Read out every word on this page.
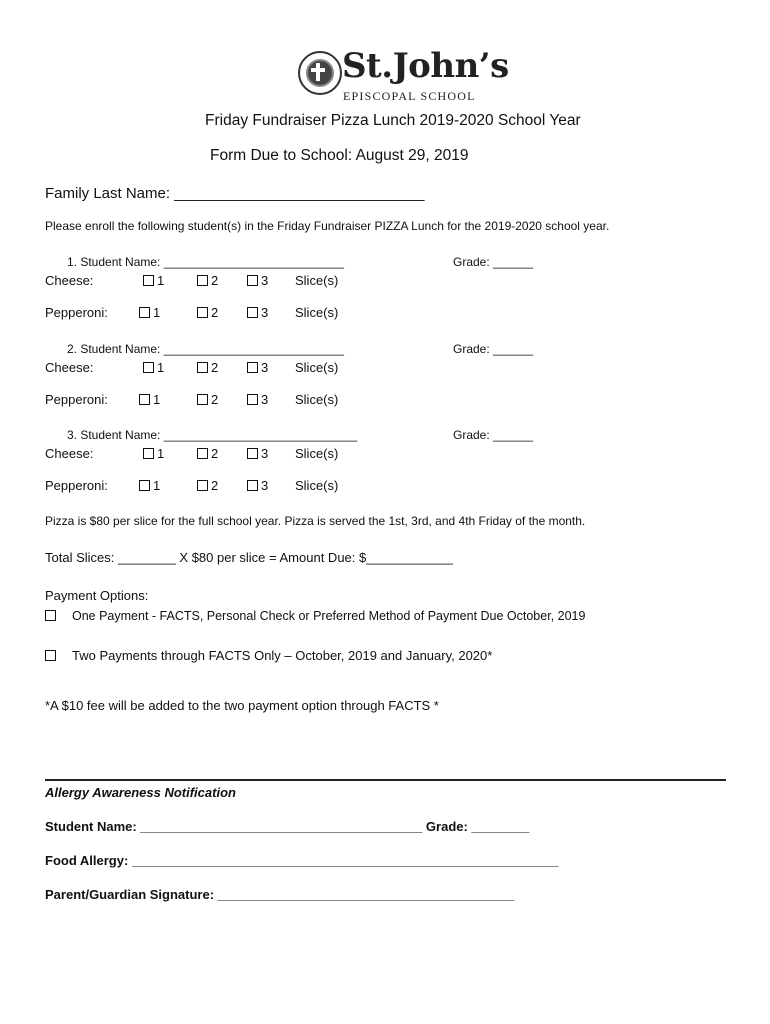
St.John’s
EPISCOPAL SCHOOL
Friday Fundraiser Pizza Lunch 2019-2020 School Year
Form Due to School: August 29, 2019
Family Last Name: ______________________________
Please enroll the following student(s) in the Friday Fundraiser PIZZA Lunch for the 2019-2020 school year.
1. Student Name: ___________________________	Grade: ______
Cheese:	1	2	3 Slice(s)
Pepperoni:	1	2	3 Slice(s)
2. Student Name: ___________________________	Grade: ______
Cheese:	1	2	3 Slice(s)
Pepperoni:	1	2	3 Slice(s)
3. Student Name: _____________________________	Grade: ______
Cheese:	1	2	3 Slice(s)
Pepperoni:	1	2	3 Slice(s)
Pizza is $80 per slice for the full school year. Pizza is served the 1st, 3rd, and 4th Friday of the month.
Total Slices: ________ X $80 per slice = Amount Due: $____________
Payment Options:
One Payment - FACTS, Personal Check or Preferred Method of Payment Due October, 2019
Two Payments through FACTS Only – October, 2019 and January, 2020*
*A $10 fee will be added to the two payment option through FACTS *
Allergy Awareness Notification
Student Name: _______________________________________ Grade: ________
Food Allergy: ___________________________________________________________
Parent/Guardian Signature: _________________________________________
